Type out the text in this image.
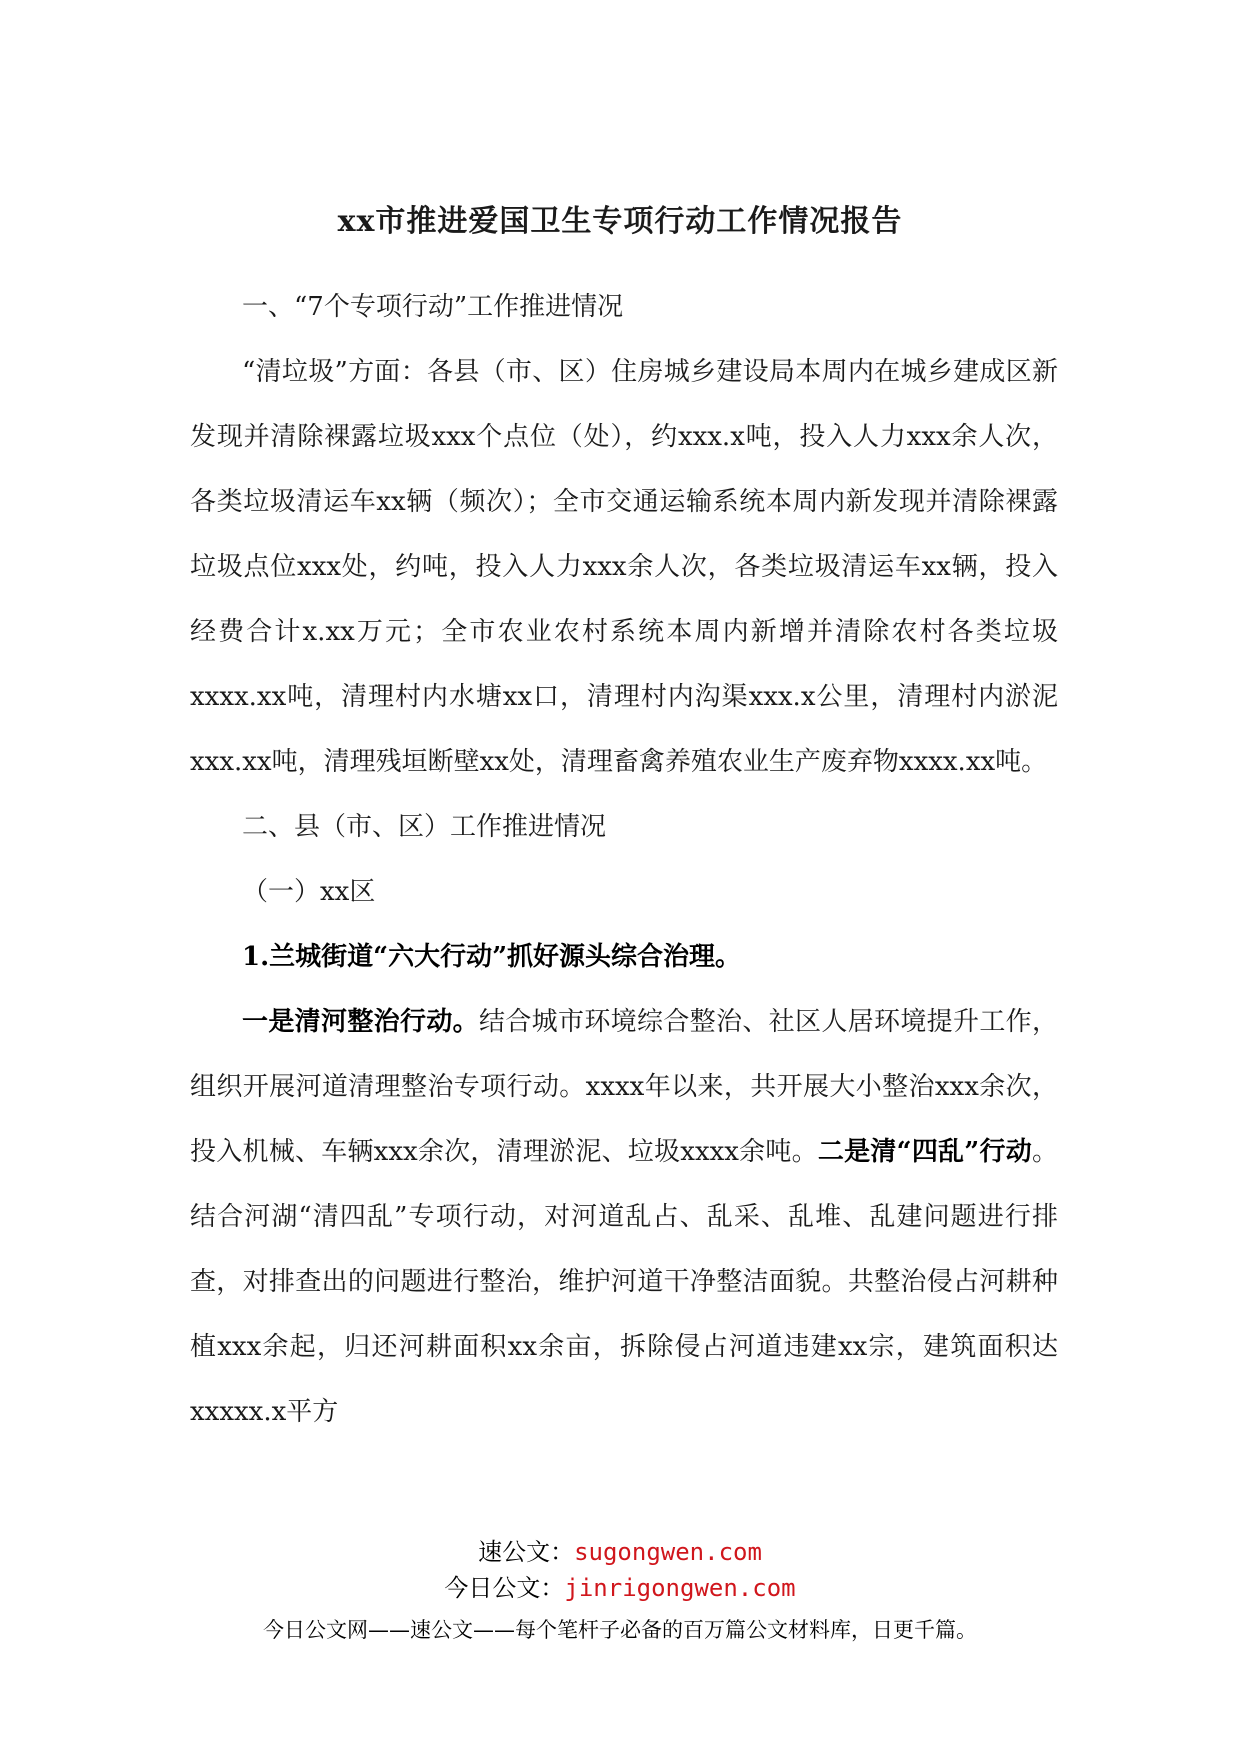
xx市推进爱国卫生专项行动工作情况报告

一、“7个专项行动”工作推进情况

“清垃圾”方面：各县（市、区）住房城乡建设局本周内在城乡建成区新发现并清除裸露垃圾xxx个点位（处），约xxx.x吨，投入人力xxx余人次，各类垃圾清运车xx辆（频次）；全市交通运输系统本周内新发现并清除裸露垃圾点位xxx处，约吨，投入人力xxx余人次，各类垃圾清运车xx辆，投入经费合计x.xx万元；全市农业农村系统本周内新增并清除农村各类垃圾xxxx.xx吨，清理村内水塘xx口，清理村内沟渠xxx.x公里，清理村内淤泥xxx.xx吨，清理残垣断壁xx处，清理畜禽养殖农业生产废弃物xxxx.xx吨。

二、县（市、区）工作推进情况

（一）xx区

1.兰城街道“六大行动”抓好源头综合治理。

一是清河整治行动。结合城市环境综合整治、社区人居环境提升工作，组织开展河道清理整治专项行动。xxxx年以来，共开展大小整治xxx余次，投入机械、车辆xxx余次，清理淤泥、垃圾xxxx余吨。二是清“四乱”行动。结合河湖“清四乱”专项行动，对河道乱占、乱采、乱堆、乱建问题进行排查，对排查出的问题进行整治，维护河道干净整洁面貌。共整治侵占河耕种植xxx余起，归还河耕面积xx余亩，拆除侵占河道违建xx宗，建筑面积达xxxxx.x平方

速公文：sugongwen.com
今日公文：jinrigongwen.com
今日公文网——速公文——每个笔杆子必备的百万篇公文材料库，日更千篇。
